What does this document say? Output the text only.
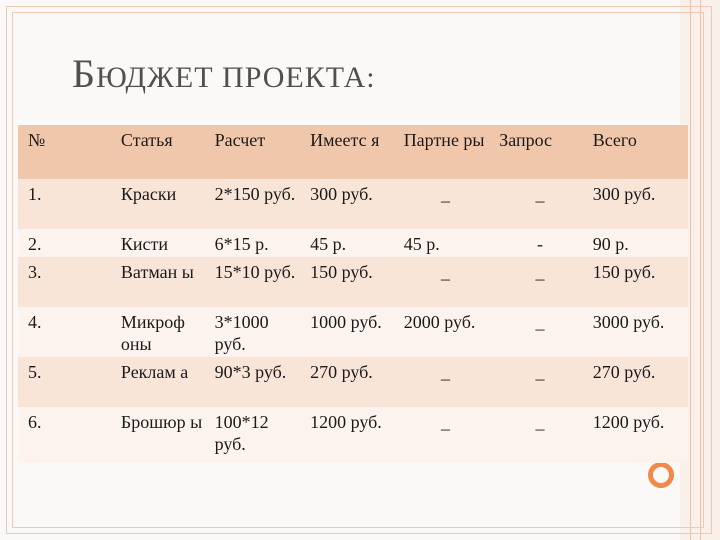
БЮДЖЕТ ПРОЕКТА:
№	Статья	Расчет	Имеетс я	Партне ры	Запрос	Всего
1.	Краски	2*150 руб.	300 руб.	_	_	300 руб.
2.	Кисти	6*15 р.	45 р.	45 р.	-	90 р.
3.	Ватман ы	15*10 руб.	150 руб.	_	_	150 руб.
4.	Микроф оны	3*1000 руб.	1000 руб.	2000 руб.	_	3000 руб.
5.	Реклам а	90*3 руб.	270 руб.	_	_	270 руб.
6.	Брошюр ы	100*12 руб.	1200 руб.	_	_	1200 руб.
